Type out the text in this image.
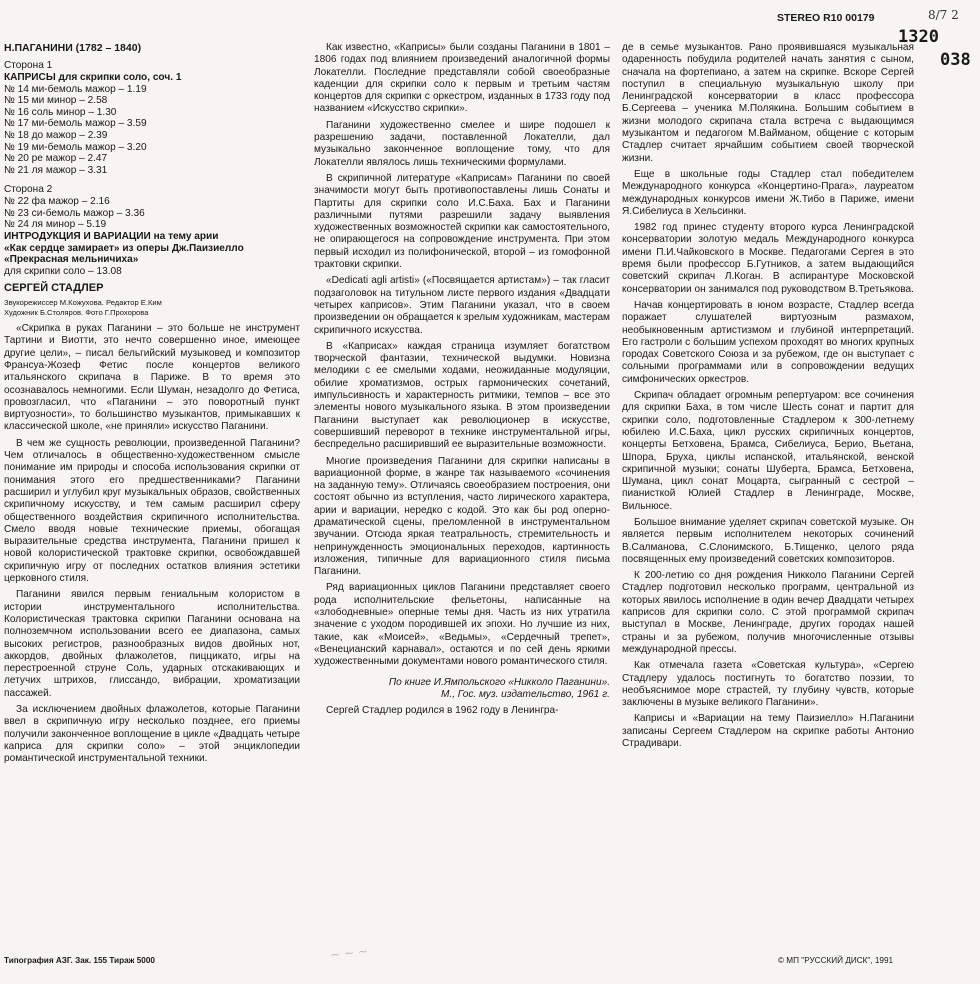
STEREO R10 00179	8/7 2
1320
038
Н.ПАГАНИНИ (1782 – 1840)
Сторона 1
КАПРИСЫ для скрипки соло, соч. 1
№ 14 ми-бемоль мажор – 1.19
№ 15 ми минор – 2.58
№ 16 соль минор – 1.30
№ 17 ми-бемоль мажор – 3.59
№ 18 до мажор – 2.39
№ 19 ми-бемоль мажор – 3.20
№ 20 ре мажор – 2.47
№ 21 ля мажор – 3.31
Сторона 2
№ 22 фа мажор – 2.16
№ 23 си-бемоль мажор – 3.36
№ 24 ля минор – 5.19
ИНТРОДУКЦИЯ И ВАРИАЦИИ на тему арии
«Как сердце замирает» из оперы Дж.Паизиелло
«Прекрасная мельничиха»
для скрипки соло – 13.08
СЕРГЕЙ СТАДЛЕР
Звукорежиссер М.Кожухова. Редактор Е.Ким
Художник Б.Столяров. Фото Г.Прохорова

«Скрипка в руках Паганини – это больше не инструмент Тартини и Виотти, это нечто совершенно иное, имеющее другие цели», – писал бельгийский музыковед и композитор Франсуа-Жозеф Фетис после концертов великого итальянского скрипача в Париже. В то время это осознавалось немногими. Если Шуман, незадолго до Фетиса, провозгласил, что «Паганини – это поворотный пункт виртуозности», то большинство музыкантов, примыкавших к классической школе, «не приняли» искусство Паганини.

В чем же сущность революции, произведенной Паганини? Чем отличалось в общественно-художественном смысле понимание им природы и способа использования скрипки от понимания этого его предшественниками? Паганини расширил и углубил круг музыкальных образов, свойственных скрипичному искусству, и тем самым расширил сферу общественного воздействия скрипичного исполнительства. Смело вводя новые технические приемы, обогащая выразительные средства инструмента, Паганини пришел к новой колористической трактовке скрипки, освобождавшей скрипичную игру от последних остатков влияния эстетики церковного стиля.

Паганини явился первым гениальным колористом в истории инструментального исполнительства. Колористическая трактовка скрипки Паганини основана на полноземчном использовании всего ее диапазона, самых высоких регистров, разнообразных видов двойных нот, аккордов, двойных флажолетов, пиццикато, игры на перестроенной струне Соль, ударных отскакивающих и летучих штрихов, глиссандо, вибрации, хроматизации пассажей.

За исключением двойных флажолетов, которые Паганини ввел в скрипичную игру несколько позднее, его приемы получили законченное воплощение в цикле «Двадцать четыре каприса для скрипки соло» – этой энциклопедии романтической инструментальной техники.

Как известно, «Каприсы» были созданы Паганини в 1801 – 1806 годах под влиянием произведений аналогичной формы Локателли. Последние представляли собой своеобразные каденции для скрипки соло к первым и третьим частям концертов для скрипки с оркестром, изданных в 1733 году под названием «Искусство скрипки».

Паганини художественно смелее и шире подошел к разрешению задачи, поставленной Локателли, дал музыкально законченное воплощение тому, что для Локателли являлось лишь техническими формулами.

В скрипичной литературе «Каприсам» Паганини по своей значимости могут быть противопоставлены лишь Сонаты и Партиты для скрипки соло И.С.Баха. Бах и Паганини различными путями разрешили задачу выявления художественных возможностей скрипки как самостоятельного, не опирающегося на сопровождение инструмента. При этом первый исходил из полифонической, второй – из гомофонной трактовки скрипки.

«Dedicati agli artisti» («Посвящается артистам») – так гласит подзаголовок на титульном листе первого издания «Двадцати четырех каприсов». Этим Паганини указал, что в своем произведении он обращается к зрелым художникам, мастерам скрипичного искусства.

В «Каприсах» каждая страница изумляет богатством творческой фантазии, технической выдумки. Новизна мелодики с ее смелыми ходами, неожиданные модуляции, обилие хроматизмов, острых гармонических сочетаний, импульсивность и характерность ритмики, темпов – все это элементы нового музыкального языка. В этом произведении Паганини выступает как революционер в искусстве, совершивший переворот в технике инструментальной игры, беспредельно расширивший ее выразительные возможности.

Многие произведения Паганини для скрипки написаны в вариационной форме, в жанре так называемого «сочинения на заданную тему». Отличаясь своеобразием построения, они состоят обычно из вступления, часто лирического характера, арии и вариации, нередко с кодой. Это как бы род оперно-драматической сцены, преломленной в инструментальном звучании. Отсюда яркая театральность, стремительность и непринужденность эмоциональных переходов, картинность изложения, типичные для вариационного стиля письма Паганини.

Ряд вариационных циклов Паганини представляет своего рода исполнительские фельетоны, написанные на «злободневные» оперные темы дня. Часть из них утратила значение с уходом породившей их эпохи. Но лучшие из них, такие, как «Моисей», «Ведьмы», «Сердечный трепет», «Венецианский карнавал», остаются и по сей день яркими художественными документами нового романтического стиля.

По книге И.Ямпольского «Никколо Паганини».
М., Гос. муз. издательство, 1961 г.

Сергей Стадлер родился в 1962 году в Ленингра-

де в семье музыкантов. Рано проявившаяся музыкальная одаренность побудила родителей начать занятия с сыном, сначала на фортепиано, а затем на скрипке. Вскоре Сергей поступил в специальную музыкальную школу при Ленинградской консерватории в класс профессора Б.Сергеева – ученика М.Полякина. Большим событием в жизни молодого скрипача стала встреча с выдающимся музыкантом и педагогом М.Вайманом, общение с которым Стадлер считает ярчайшим событием своей творческой жизни.

Еще в школьные годы Стадлер стал победителем Международного конкурса «Концертино-Прага», лауреатом международных конкурсов имени Ж.Тибо в Париже, имени Я.Сибелиуса в Хельсинки.

1982 год принес студенту второго курса Ленинградской консерватории золотую медаль Международного конкурса имени П.И.Чайковского в Москве. Педагогами Сергея в это время были профессор Б.Гутников, а затем выдающийся советский скрипач Л.Коган. В аспирантуре Московской консерватории он занимался под руководством В.Третьякова.

Начав концертировать в юном возрасте, Стадлер всегда поражает слушателей виртуозным размахом, необыкновенным артистизмом и глубиной интерпретаций. Его гастроли с большим успехом проходят во многих крупных городах Советского Союза и за рубежом, где он выступает с сольными программами или в сопровождении ведущих симфонических оркестров.

Скрипач обладает огромным репертуаром: все сочинения для скрипки Баха, в том числе Шесть сонат и партит для скрипки соло, подготовленные Стадлером к 300-летнему юбилею И.С.Баха, цикл русских скрипичных концертов, концерты Бетховена, Брамса, Сибелиуса, Берио, Вьетана, Шпора, Бруха, циклы испанской, итальянской, венской скрипичной музыки; сонаты Шуберта, Брамса, Бетховена, Шумана, цикл сонат Моцарта, сыгранный с сестрой – пианисткой Юлией Стадлер в Ленинграде, Москве, Вильнюсе.

Большое внимание уделяет скрипач советской музыке. Он является первым исполнителем некоторых сочинений В.Салманова, С.Слонимского, Б.Тищенко, целого ряда посвященных ему произведений советских композиторов.

К 200-летию со дня рождения Никколо Паганини Сергей Стадлер подготовил несколько программ, центральной из которых явилось исполнение в один вечер Двадцати четырех каприсов для скрипки соло. С этой программой скрипач выступал в Москве, Ленинграде, других городах нашей страны и за рубежом, получив многочисленные отзывы международной прессы.

Как отмечала газета «Советская культура», «Сергею Стадлеру удалось постигнуть то богатство поэзии, то необъяснимое море страстей, ту глубину чувств, которые заключены в музыке великого Паганини».

Каприсы и «Вариации на тему Паизиелло» Н.Паганини записаны Сергеем Стадлером на скрипке работы Антонио Страдивари.

~ ~ ~
Типография АЗГ. Зак. 155 Тираж 5000	© МП "РУССКИЙ ДИСК", 1991
